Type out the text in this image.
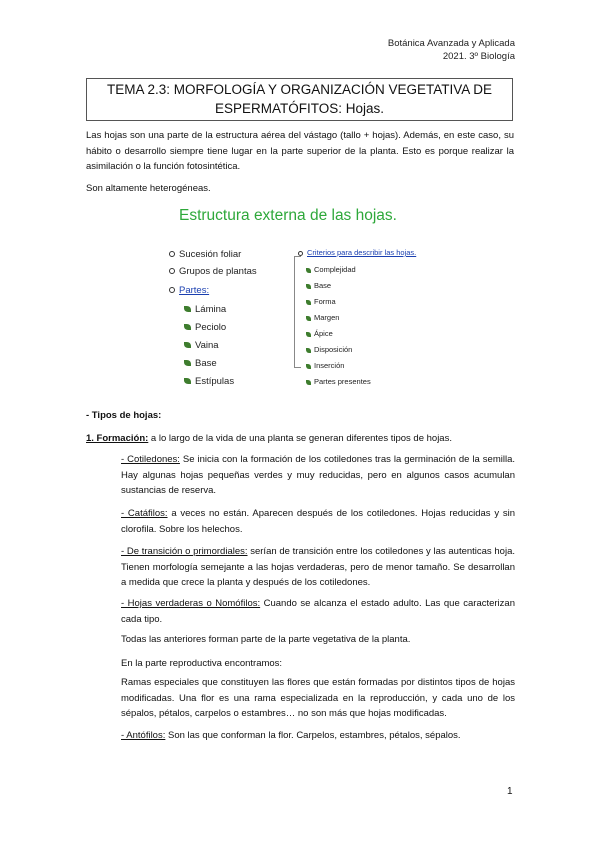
Botánica Avanzada y Aplicada
2021. 3º Biología
TEMA 2.3: MORFOLOGÍA Y ORGANIZACIÓN VEGETATIVA DE
ESPERMATÓFITOS: Hojas.
Las hojas son una parte de la estructura aérea del vástago (tallo + hojas). Además, en este caso, su hábito o desarrollo siempre tiene lugar en la parte superior de la planta. Esto es porque realizar la asimilación o la función fotosintética.
Son altamente heterogéneas.
Estructura externa de las hojas.
Sucesión foliar
Grupos de plantas
Partes:
Lámina
Peciolo
Vaina
Base
Estípulas
Criterios para describir las hojas.
Complejidad
Base
Forma
Margen
Ápice
Disposición
Inserción
Partes presentes
- Tipos de hojas:
1. Formación: a lo largo de la vida de una planta se generan diferentes tipos de hojas.
- Cotiledones: Se inicia con la formación de los cotiledones tras la germinación de la semilla. Hay algunas hojas pequeñas verdes y muy reducidas, pero en algunos casos acumulan sustancias de reserva.
- Catáfilos: a veces no están. Aparecen después de los cotiledones. Hojas reducidas y sin clorofila. Sobre los helechos.
- De transición o primordiales: serían de transición entre los cotiledones y las autenticas hoja. Tienen morfología semejante a las hojas verdaderas, pero de menor tamaño. Se desarrollan a medida que crece la planta y después de los cotiledones.
- Hojas verdaderas o Nomófilos: Cuando se alcanza el estado adulto. Las que caracterizan cada tipo.
Todas las anteriores forman parte de la parte vegetativa de la planta.
En la parte reproductiva encontramos:
Ramas especiales que constituyen las flores que están formadas por distintos tipos de hojas modificadas. Una flor es una rama especializada en la reproducción, y cada uno de los sépalos, pétalos, carpelos o estambres… no son más que hojas modificadas.
- Antófilos: Son las que conforman la flor. Carpelos, estambres, pétalos, sépalos.
1
